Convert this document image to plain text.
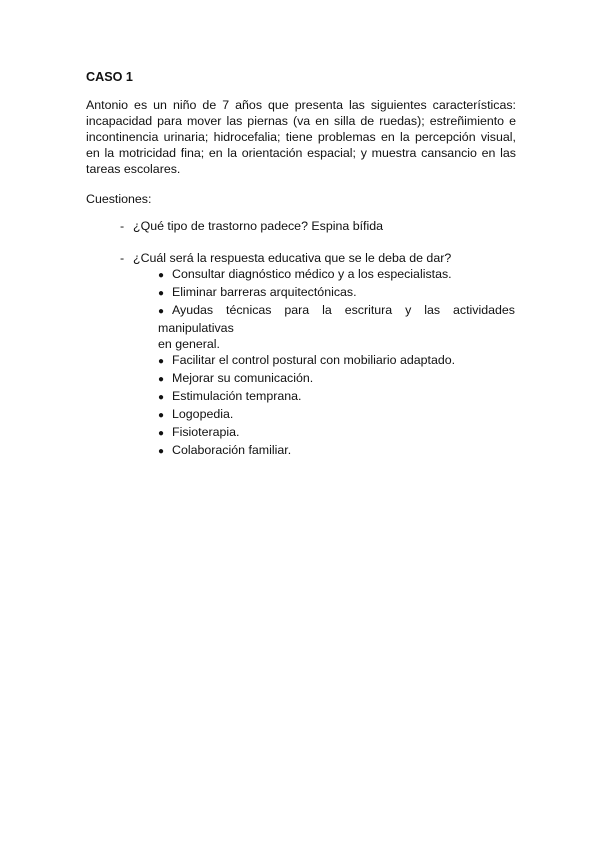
CASO 1

Antonio es un niño de 7 años que presenta las siguientes características: incapacidad para mover las piernas (va en silla de ruedas); estreñimiento e incontinencia urinaria; hidrocefalia; tiene problemas en la percepción visual, en la motricidad fina; en la orientación espacial; y muestra cansancio en las tareas escolares.

Cuestiones:

- ¿Qué tipo de trastorno padece? Espina bífida

- ¿Cuál será la respuesta educativa que se le deba de dar?

● Consultar diagnóstico médico y a los especialistas.
● Eliminar barreras arquitectónicas.
● Ayudas técnicas para la escritura y las actividades
manipulativas
en general.
● Facilitar el control postural con mobiliario adaptado.
● Mejorar su comunicación.
● Estimulación temprana.
● Logopedia.
● Fisioterapia.
● Colaboración familiar.
